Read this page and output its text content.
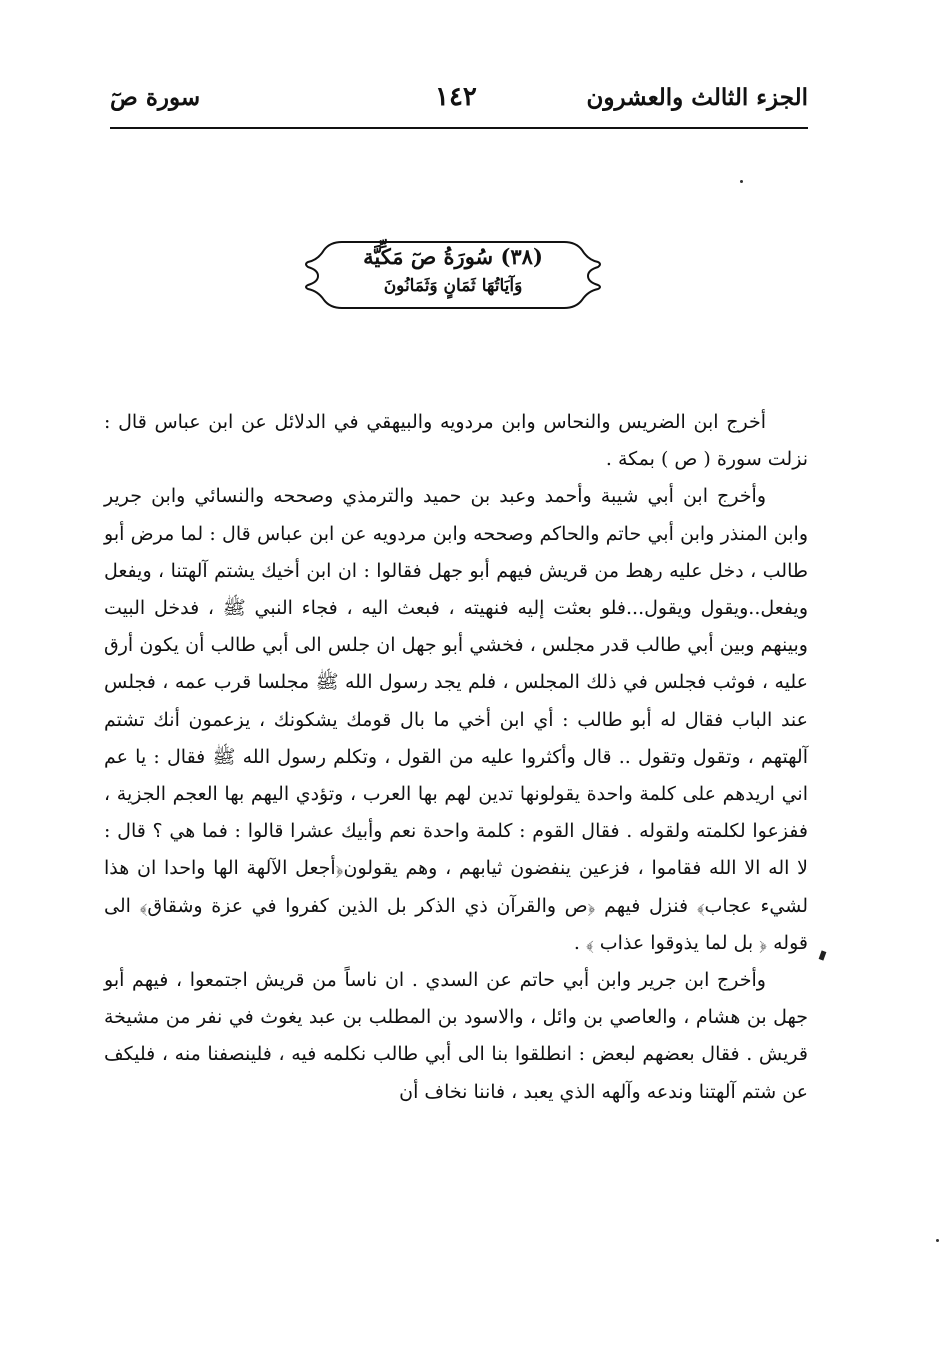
الجزء الثالث والعشرون
١٤٢
سورة صٓ
(٣٨) سُورَةُ صٓ مَكِّيَّة
وَآيَاتُهَا ثَمَانٍ وَثَمَانُونَ

أخرج ابن الضريس والنحاس وابن مردويه والبيهقي في الدلائل عن ابن عباس قال : نزلت سورة ( ص ) بمكة .

وأخرج ابن أبي شيبة وأحمد وعبد بن حميد والترمذي وصححه والنسائي وابن جرير وابن المنذر وابن أبي حاتم والحاكم وصححه وابن مردويه عن ابن عباس قال : لما مرض أبو طالب ، دخل عليه رهط من قريش فيهم أبو جهل فقالوا : ان ابن أخيك يشتم آلهتنا ، ويفعل ويفعل..ويقول ويقول...فلو بعثت إليه فنهيته ، فبعث اليه ، فجاء النبي ﷺ ، فدخل البيت وبينهم وبين أبي طالب قدر مجلس ، فخشي أبو جهل ان جلس الى أبي طالب أن يكون أرق عليه ، فوثب فجلس في ذلك المجلس ، فلم يجد رسول الله ﷺ مجلسا قرب عمه ، فجلس عند الباب فقال له أبو طالب : أي ابن أخي ما بال قومك يشكونك ، يزعمون أنك تشتم آلهتهم ، وتقول وتقول .. قال وأكثروا عليه من القول ، وتكلم رسول الله ﷺ فقال : يا عم اني اريدهم على كلمة واحدة يقولونها تدين لهم بها العرب ، وتؤدي اليهم بها العجم الجزية ، ففزعوا لكلمته ولقوله . فقال القوم : كلمة واحدة نعم وأبيك عشرا قالوا : فما هي ؟ قال : لا اله الا الله فقاموا ، فزعين ينفضون ثيابهم ، وهم يقولون﴿أجعل الآلهة الها واحدا ان هذا لشيء عجاب﴾ فنزل فيهم ﴿ص والقرآن ذي الذكر بل الذين كفروا في عزة وشقاق﴾ الى قوله ﴿ بل لما يذوقوا عذاب ﴾ .

وأخرج ابن جرير وابن أبي حاتم عن السدي . ان ناساً من قريش اجتمعوا ، فيهم أبو جهل بن هشام ، والعاصي بن وائل ، والاسود بن المطلب بن عبد يغوث في نفر من مشيخة قريش . فقال بعضهم لبعض : انطلقوا بنا الى أبي طالب نكلمه فيه ، فلينصفنا منه ، فليكف عن شتم آلهتنا وندعه وآلهه الذي يعبد ، فاننا نخاف أن
